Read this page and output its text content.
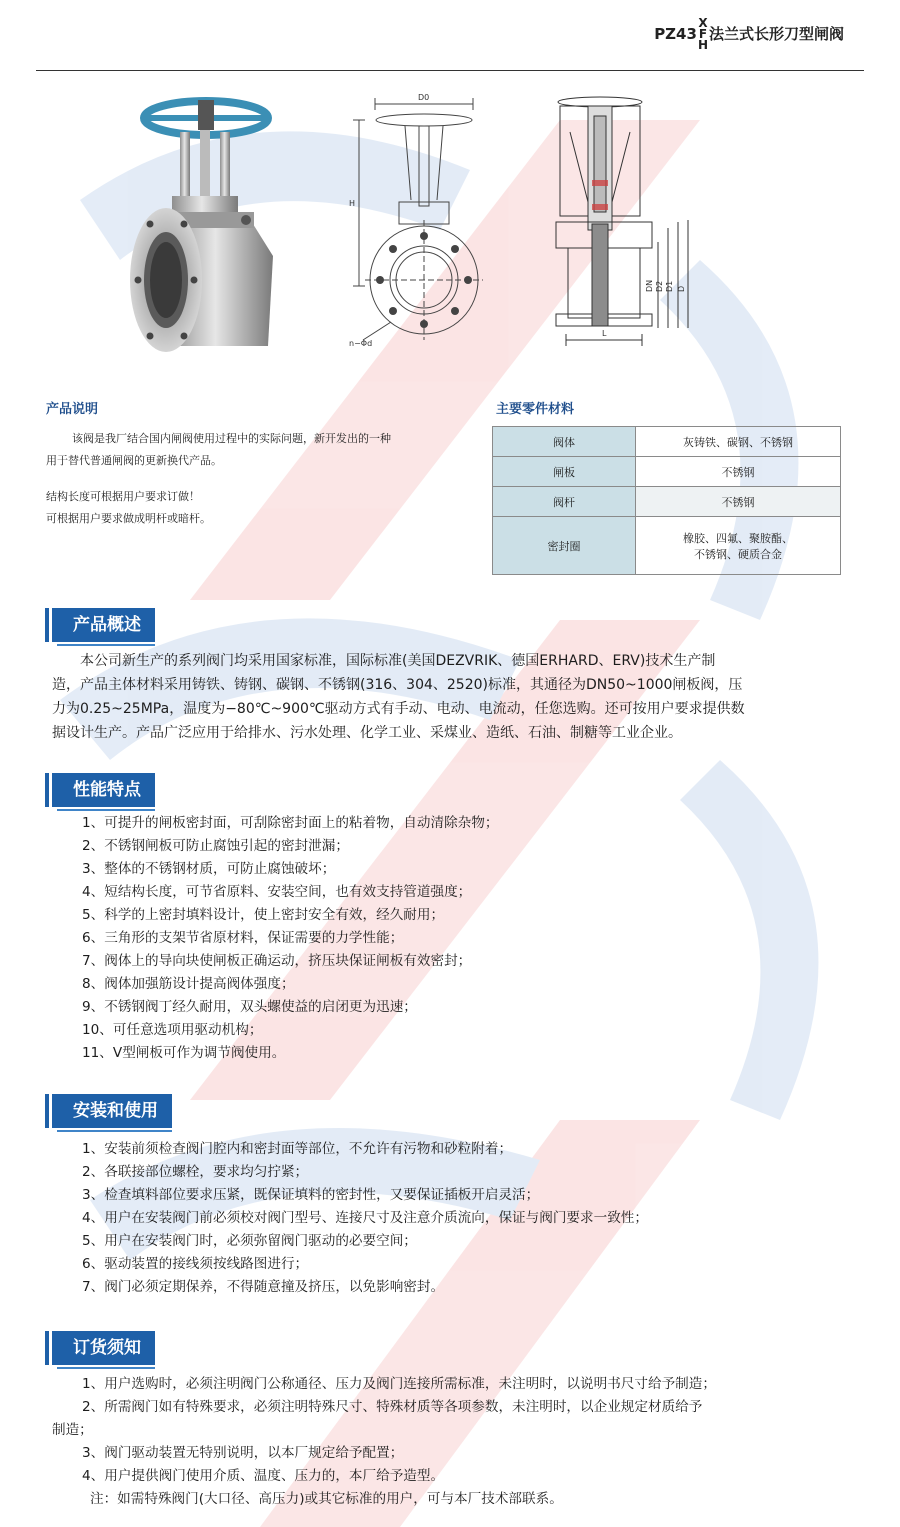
PZ43
X
F
H
法兰式长形刀型闸阀
D0
H
n−Φd
DN D2 D1 D
L
产品说明
该阀是我厂结合国内闸阀使用过程中的实际问题，新开发出的一种
用于替代普通闸阀的更新换代产品。
结构长度可根据用户要求订做！
可根据用户要求做成明杆或暗杆。
主要零件材料
阀体	灰铸铁、碳钢、不锈钢
闸板	不锈钢
阀杆	不锈钢
密封圈	橡胶、四氟、聚胺酯、
不锈钢、硬质合金
产品概述
　　本公司新生产的系列阀门均采用国家标准，国际标准(美国DEZVRIK、德国ERHARD、ERV)技术生产制
造，产品主体材料采用铸铁、铸钢、碳钢、不锈钢(316、304、2520)标准，其通径为DN50~1000闸板阀，压
力为0.25~25MPa，温度为−80℃~900℃驱动方式有手动、电动、电流动，任您选购。还可按用户要求提供数
据设计生产。产品广泛应用于给排水、污水处理、化学工业、采煤业、造纸、石油、制糖等工业企业。
性能特点
1、可提升的闸板密封面，可刮除密封面上的粘着物，自动清除杂物；
2、不锈钢闸板可防止腐蚀引起的密封泄漏；
3、整体的不锈钢材质，可防止腐蚀破坏；
4、短结构长度，可节省原料、安装空间，也有效支持管道强度；
5、科学的上密封填料设计，使上密封安全有效，经久耐用；
6、三角形的支架节省原材料，保证需要的力学性能；
7、阀体上的导向块使闸板正确运动，挤压块保证闸板有效密封；
8、阀体加强筋设计提高阀体强度；
9、不锈钢阀丁经久耐用，双头螺使益的启闭更为迅速；
10、可任意选项用驱动机构；
11、V型闸板可作为调节阀使用。
安装和使用
1、安装前须检查阀门腔内和密封面等部位，不允许有污物和砂粒附着；
2、各联接部位螺栓，要求均匀拧紧；
3、检查填料部位要求压紧，既保证填料的密封性，又要保证插板开启灵活；
4、用户在安装阀门前必须校对阀门型号、连接尺寸及注意介质流向，保证与阀门要求一致性；
5、用户在安装阀门时，必须弥留阀门驱动的必要空间；
6、驱动装置的接线须按线路图进行；
7、阀门必须定期保养，不得随意撞及挤压，以免影响密封。
订货须知
1、用户选购时，必须注明阀门公称通径、压力及阀门连接所需标准，未注明时，以说明书尺寸给予制造；
2、所需阀门如有特殊要求，必须注明特殊尺寸、特殊材质等各项参数，未注明时，以企业规定材质给予
制造；
3、阀门驱动装置无特别说明，以本厂规定给予配置；
4、用户提供阀门使用介质、温度、压力的，本厂给予造型。
注：如需特殊阀门(大口径、高压力)或其它标准的用户，可与本厂技术部联系。
